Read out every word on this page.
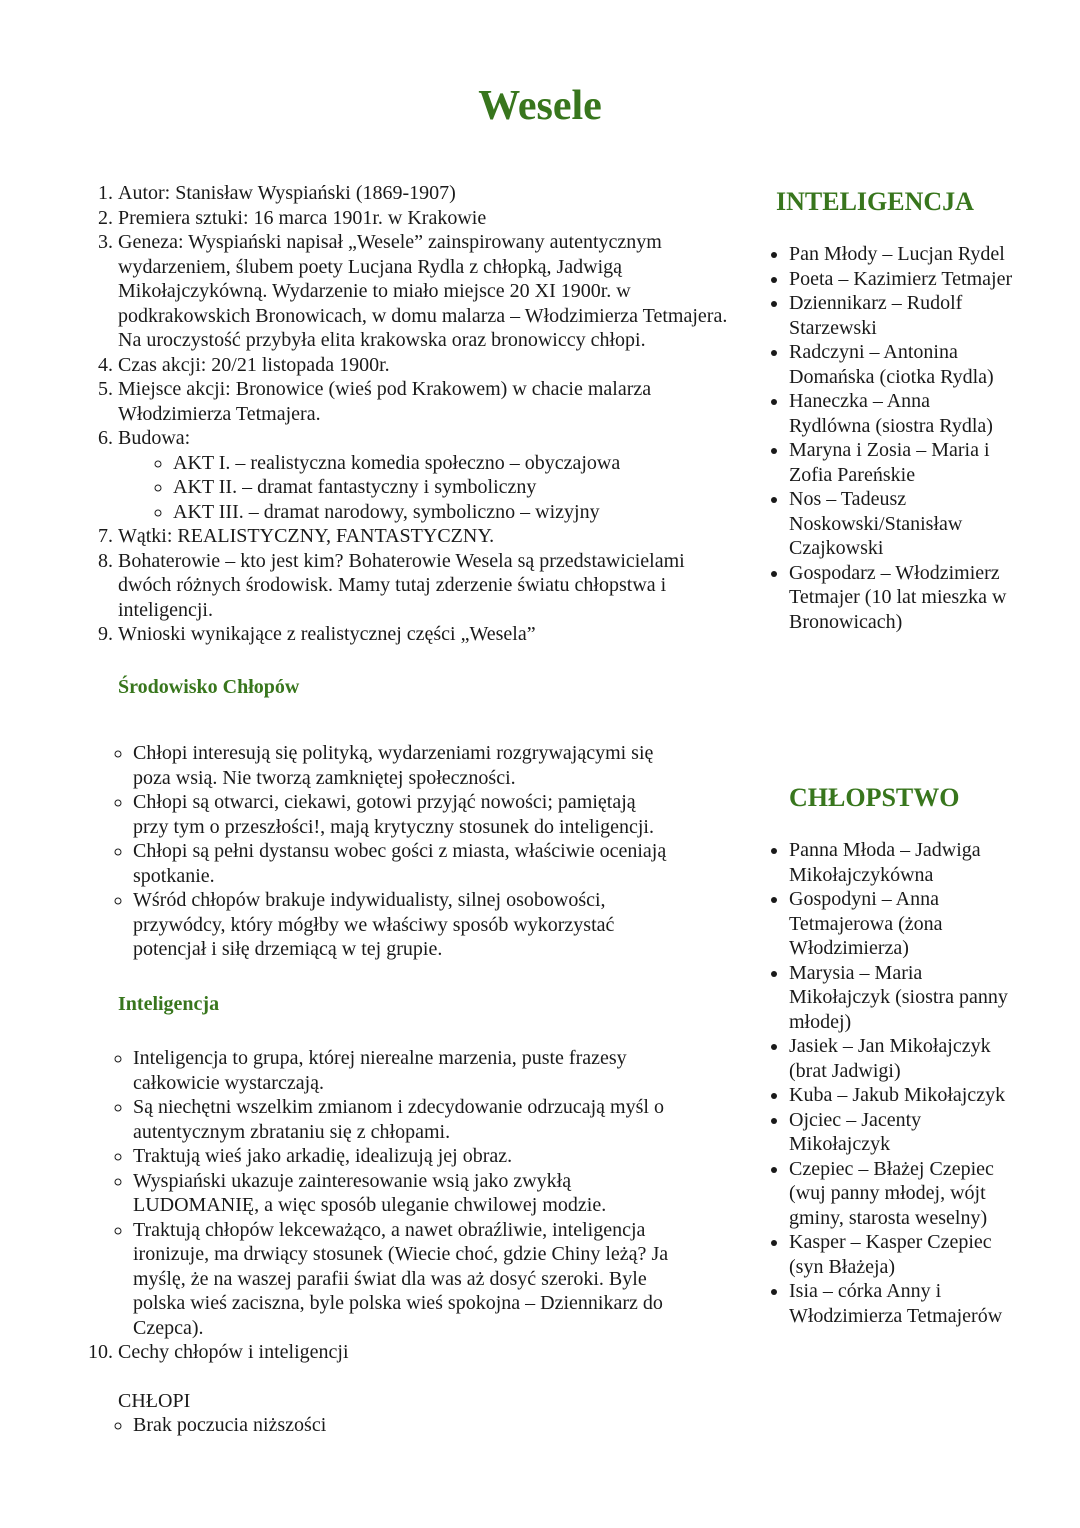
Wesele
1. Autor: Stanisław Wyspiański (1869-1907)
2. Premiera sztuki: 16 marca 1901r. w Krakowie
3. Geneza: Wyspiański napisał „Wesele” zainspirowany autentycznym wydarzeniem, ślubem poety Lucjana Rydla z chłopką, Jadwigą Mikołajczykówną. Wydarzenie to miało miejsce 20 XI 1900r. w podkrakowskich Bronowicach, w domu malarza – Włodzimierza Tetmajera. Na uroczystość przybyła elita krakowska oraz bronowiccy chłopi.
4. Czas akcji: 20/21 listopada 1900r.
5. Miejsce akcji: Bronowice (wieś pod Krakowem) w chacie malarza Włodzimierza Tetmajera.
6. Budowa:
◦ AKT I. – realistyczna komedia społeczno – obyczajowa
◦ AKT II. – dramat fantastyczny i symboliczny
◦ AKT III. – dramat narodowy, symboliczno – wizyjny
7. Wątki: REALISTYCZNY, FANTASTYCZNY.
8. Bohaterowie – kto jest kim? Bohaterowie Wesela są przedstawicielami dwóch różnych środowisk. Mamy tutaj zderzenie światu chłopstwa i inteligencji.
9. Wnioski wynikające z realistycznej części „Wesela”

Środowisko Chłopów

◦ Chłopi interesują się polityką, wydarzeniami rozgrywającymi się poza wsią. Nie tworzą zamkniętej społeczności.
◦ Chłopi są otwarci, ciekawi, gotowi przyjąć nowości; pamiętają przy tym o przeszłości!, mają krytyczny stosunek do inteligencji.
◦ Chłopi są pełni dystansu wobec gości z miasta, właściwie oceniają spotkanie.
◦ Wśród chłopów brakuje indywidualisty, silnej osobowości, przywódcy, który mógłby we właściwy sposób wykorzystać potencjał i siłę drzemiącą w tej grupie.

Inteligencja

◦ Inteligencja to grupa, której nierealne marzenia, puste frazesy całkowicie wystarczają.
◦ Są niechętni wszelkim zmianom i zdecydowanie odrzucają myśl o autentycznym zbrataniu się z chłopami.
◦ Traktują wieś jako arkadię, idealizują jej obraz.
◦ Wyspiański ukazuje zainteresowanie wsią jako zwykłą LUDOMANIĘ, a więc sposób uleganie chwilowej modzie.
◦ Traktują chłopów lekceważąco, a nawet obraźliwie, inteligencja ironizuje, ma drwiący stosunek (Wiecie choć, gdzie Chiny leżą? Ja myślę, że na waszej parafii świat dla was aż dosyć szeroki. Byle polska wieś zaciszna, byle polska wieś spokojna – Dziennikarz do Czepca).
10. Cechy chłopów i inteligencji

CHŁOPI

◦ Brak poczucia niższości
INTELIGENCJA
• Pan Młody – Lucjan Rydel
• Poeta – Kazimierz Tetmajer
• Dziennikarz – Rudolf Starzewski
• Radczyni – Antonina Domańska (ciotka Rydla)
• Haneczka – Anna Rydlówna (siostra Rydla)
• Maryna i Zosia – Maria i Zofia Pareńskie
• Nos – Tadeusz Noskowski/Stanisław Czajkowski
• Gospodarz – Włodzimierz Tetmajer (10 lat mieszka w Bronowicach)
CHŁOPSTWO
• Panna Młoda – Jadwiga Mikołajczykówna
• Gospodyni – Anna Tetmajerowa (żona Włodzimierza)
• Marysia – Maria Mikołajczyk (siostra panny młodej)
• Jasiek – Jan Mikołajczyk (brat Jadwigi)
• Kuba – Jakub Mikołajczyk
• Ojciec – Jacenty Mikołajczyk
• Czepiec – Błażej Czepiec (wuj panny młodej, wójt gminy, starosta weselny)
• Kasper – Kasper Czepiec (syn Błażeja)
• Isia – córka Anny i Włodzimierza Tetmajerów
